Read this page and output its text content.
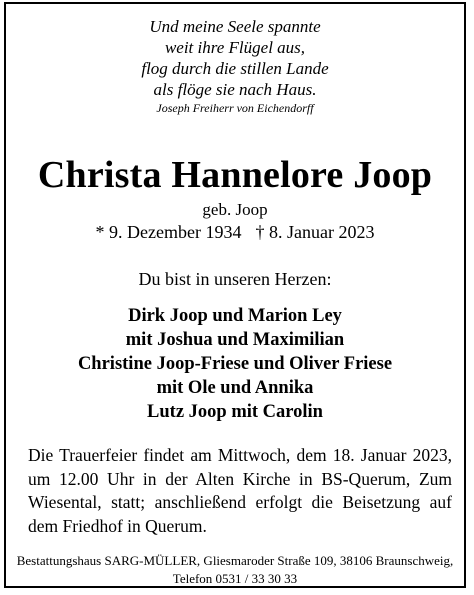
Und meine Seele spannte
weit ihre Flügel aus,
flog durch die stillen Lande
als flöge sie nach Haus.
Joseph Freiherr von Eichendorff
Christa Hannelore Joop
geb. Joop
* 9. Dezember 1934 † 8. Januar 2023
Du bist in unseren Herzen:
Dirk Joop und Marion Ley
mit Joshua und Maximilian
Christine Joop-Friese und Oliver Friese
mit Ole und Annika
Lutz Joop mit Carolin
Die Trauerfeier findet am Mittwoch, dem 18. Januar 2023, um 12.00 Uhr in der Alten Kirche in BS-Querum, Zum Wiesental, statt; anschließend erfolgt die Beisetzung auf dem Friedhof in Querum.
Bestattungshaus SARG-MÜLLER, Gliesmaroder Straße 109, 38106 Braunschweig,
Telefon 0531 / 33 30 33
